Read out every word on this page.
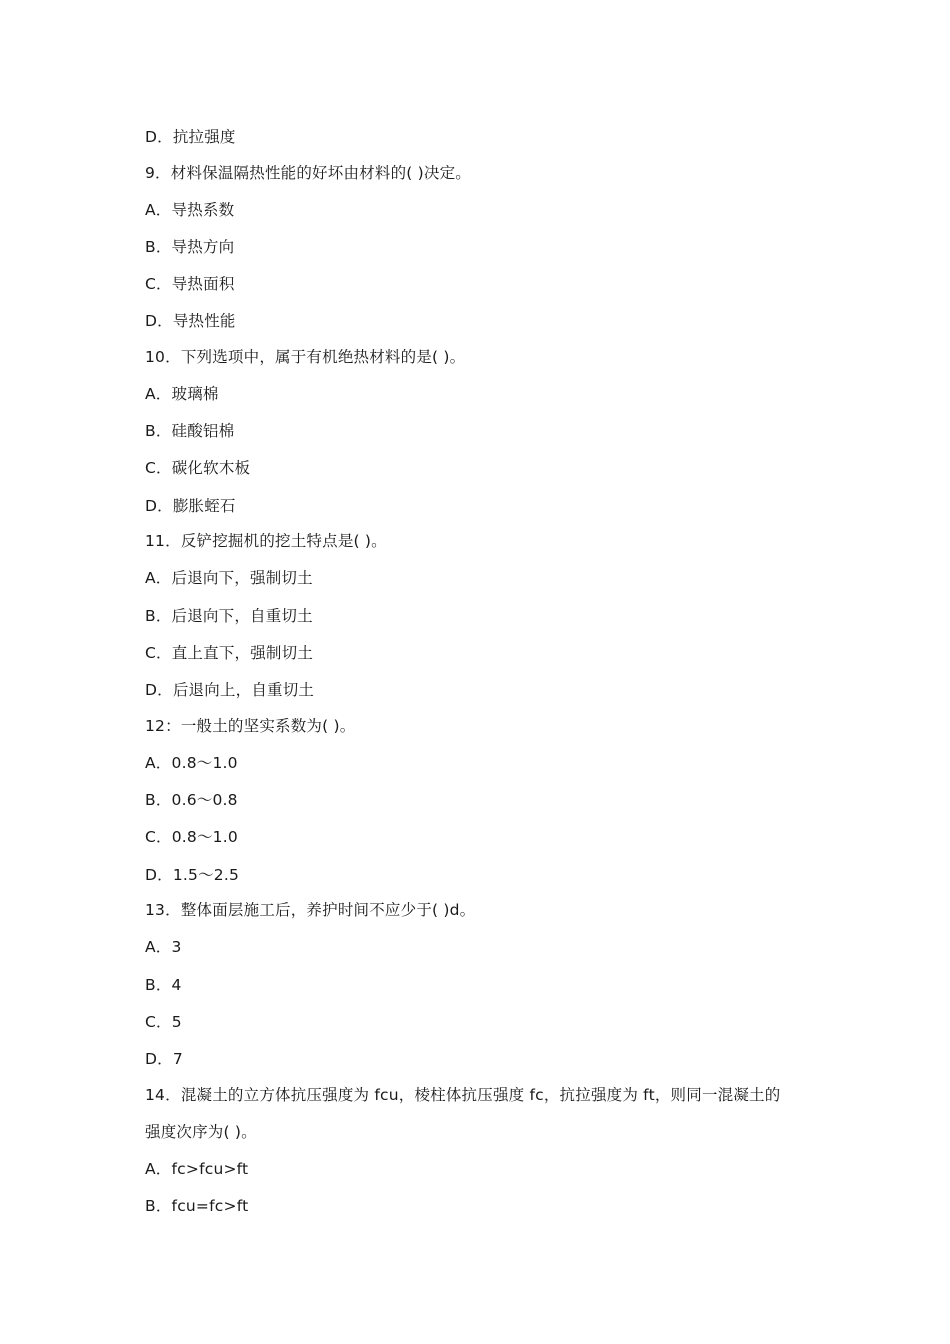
D．抗拉强度
9．材料保温隔热性能的好坏由材料的( )决定。
A．导热系数
B．导热方向
C．导热面积
D．导热性能
10．下列选项中，属于有机绝热材料的是( )。
A．玻璃棉
B．硅酸铝棉
C．碳化软木板
D．膨胀蛭石
11．反铲挖掘机的挖土特点是( )。
A．后退向下，强制切土
B．后退向下，自重切土
C．直上直下，强制切土
D．后退向上，自重切土
12：一般土的坚实系数为( )。
A．0.8～1.0
B．0.6～0.8
C．0.8～1.0
D．1.5～2.5
13．整体面层施工后，养护时间不应少于( )d。
A．3
B．4
C．5
D．7
14．混凝土的立方体抗压强度为 fcu，棱柱体抗压强度 fc，抗拉强度为 ft，则同一混凝土的
强度次序为( )。
A．fc>fcu>ft
B．fcu=fc>ft
